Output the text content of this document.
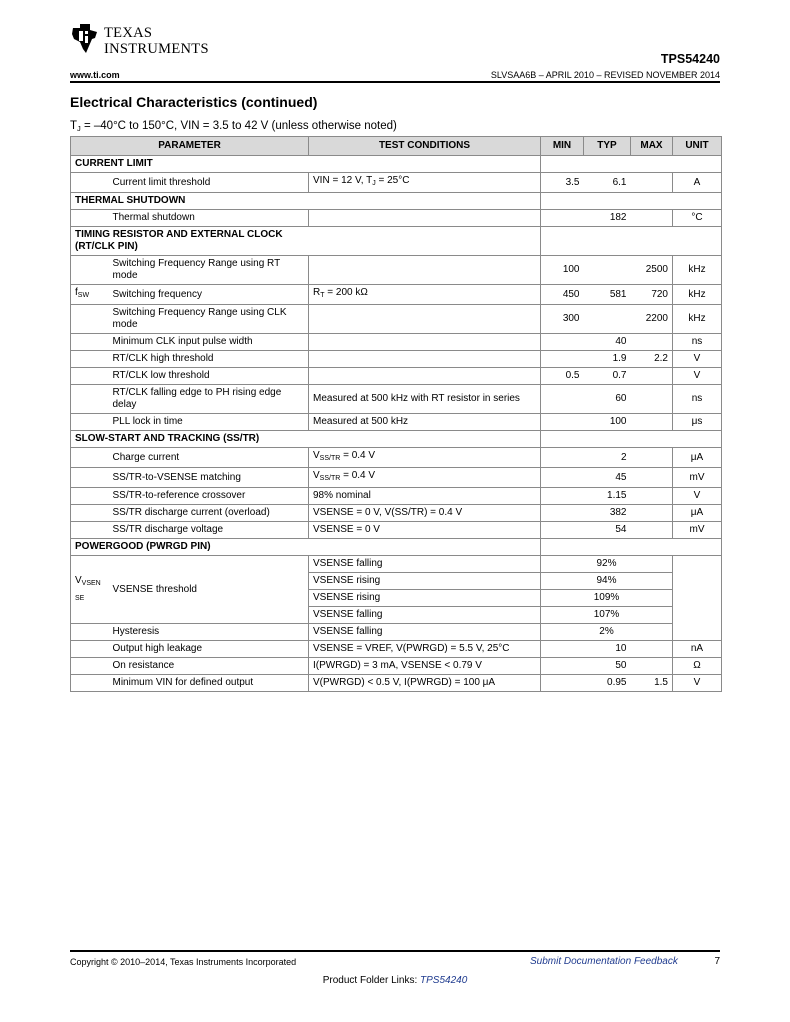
TEXAS
INSTRUMENTS
TPS54240
www.ti.com	SLVSAA6B – APRIL 2010 – REVISED NOVEMBER 2014
Electrical Characteristics (continued)
$T_J = -40^\circ C$ to 150°C, VIN = 3.5 to 42 V (unless otherwise noted)
PARAMETER		TEST CONDITIONS	MIN	TYP	MAX	UNIT
CURRENT LIMIT						
	Current limit threshold	VIN = 12 V, $T_J = 25^\circ C$	3.5	6.1		A
THERMAL SHUTDOWN						
	Thermal shutdown			182		°C
TIMING RESISTOR AND EXTERNAL CLOCK (RT/CLK PIN)						
	Switching Frequency Range using RT mode		100		2500	kHz
$f_{SW}$	Switching frequency	$R_T = 200$ kΩ	450	581	720	kHz
	Switching Frequency Range using CLK mode		300		2200	kHz
	Minimum CLK input pulse width			40		ns
	RT/CLK high threshold			1.9	2.2	V
	RT/CLK low threshold		0.5	0.7		V
	RT/CLK falling edge to PH rising edge delay	Measured at 500 kHz with RT resistor in series		60		ns
	PLL lock in time	Measured at 500 kHz		100		μs
SLOW-START AND TRACKING (SS/TR)						
	Charge current	$V_{SS/TR} = 0.4$ V		2		μA
	SS/TR-to-VSENSE matching	$V_{SS/TR} = 0.4$ V		45		mV
	SS/TR-to-reference crossover	98% nominal		1.15		V
	SS/TR discharge current (overload)	VSENSE = 0 V, V(SS/TR) = 0.4 V		382		μA
	SS/TR discharge voltage	VSENSE = 0 V		54		mV
POWERGOOD (PWRGD PIN)						
$V_{VSENSE}$	VSENSE threshold	VSENSE falling	92%			
		VSENSE rising	94%			
		VSENSE rising	109%			
		VSENSE falling	107%			
	Hysteresis	VSENSE falling	2%			
	Output high leakage	VSENSE = VREF, V(PWRGD) = 5.5 V, 25°C		10		nA
	On resistance	I(PWRGD) = 3 mA, VSENSE < 0.79 V		50		Ω
	Minimum VIN for defined output	V(PWRGD) < 0.5 V, I(PWRGD) = 100 μA		0.95	1.5	V
Copyright © 2010–2014, Texas Instruments Incorporated	Submit Documentation Feedback	7
Product Folder Links: TPS54240
